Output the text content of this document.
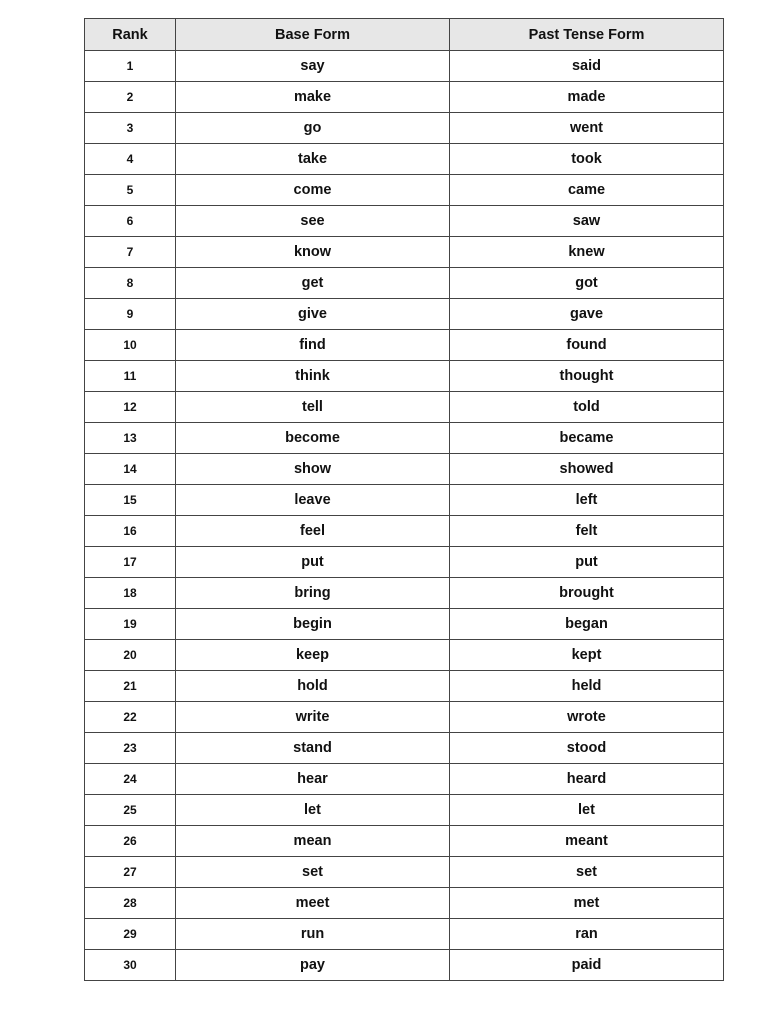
Rank	Base Form	Past Tense Form
1	say	said
2	make	made
3	go	went
4	take	took
5	come	came
6	see	saw
7	know	knew
8	get	got
9	give	gave
10	find	found
11	think	thought
12	tell	told
13	become	became
14	show	showed
15	leave	left
16	feel	felt
17	put	put
18	bring	brought
19	begin	began
20	keep	kept
21	hold	held
22	write	wrote
23	stand	stood
24	hear	heard
25	let	let
26	mean	meant
27	set	set
28	meet	met
29	run	ran
30	pay	paid
